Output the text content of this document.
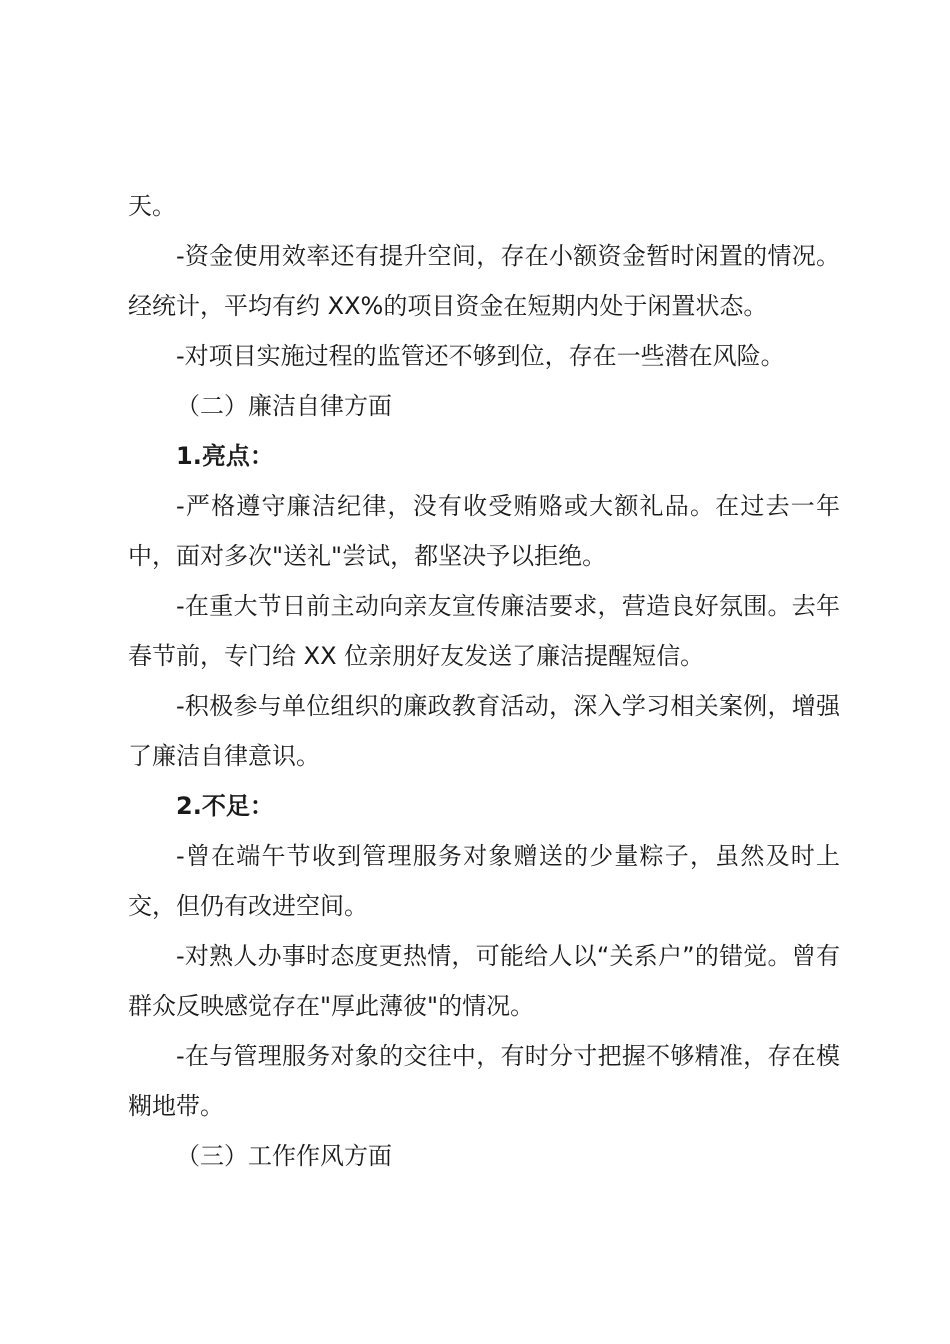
天。

-资金使用效率还有提升空间，存在小额资金暂时闲置的情况。经统计，平均有约 XX%的项目资金在短期内处于闲置状态。

-对项目实施过程的监管还不够到位，存在一些潜在风险。

（二）廉洁自律方面

1.亮点：

-严格遵守廉洁纪律，没有收受贿赂或大额礼品。在过去一年中，面对多次"送礼"尝试，都坚决予以拒绝。

-在重大节日前主动向亲友宣传廉洁要求，营造良好氛围。去年春节前，专门给 XX 位亲朋好友发送了廉洁提醒短信。

-积极参与单位组织的廉政教育活动，深入学习相关案例，增强了廉洁自律意识。

2.不足：

-曾在端午节收到管理服务对象赠送的少量粽子，虽然及时上交，但仍有改进空间。

-对熟人办事时态度更热情，可能给人以“关系户”的错觉。曾有群众反映感觉存在"厚此薄彼"的情况。

-在与管理服务对象的交往中，有时分寸把握不够精准，存在模糊地带。

（三）工作作风方面
